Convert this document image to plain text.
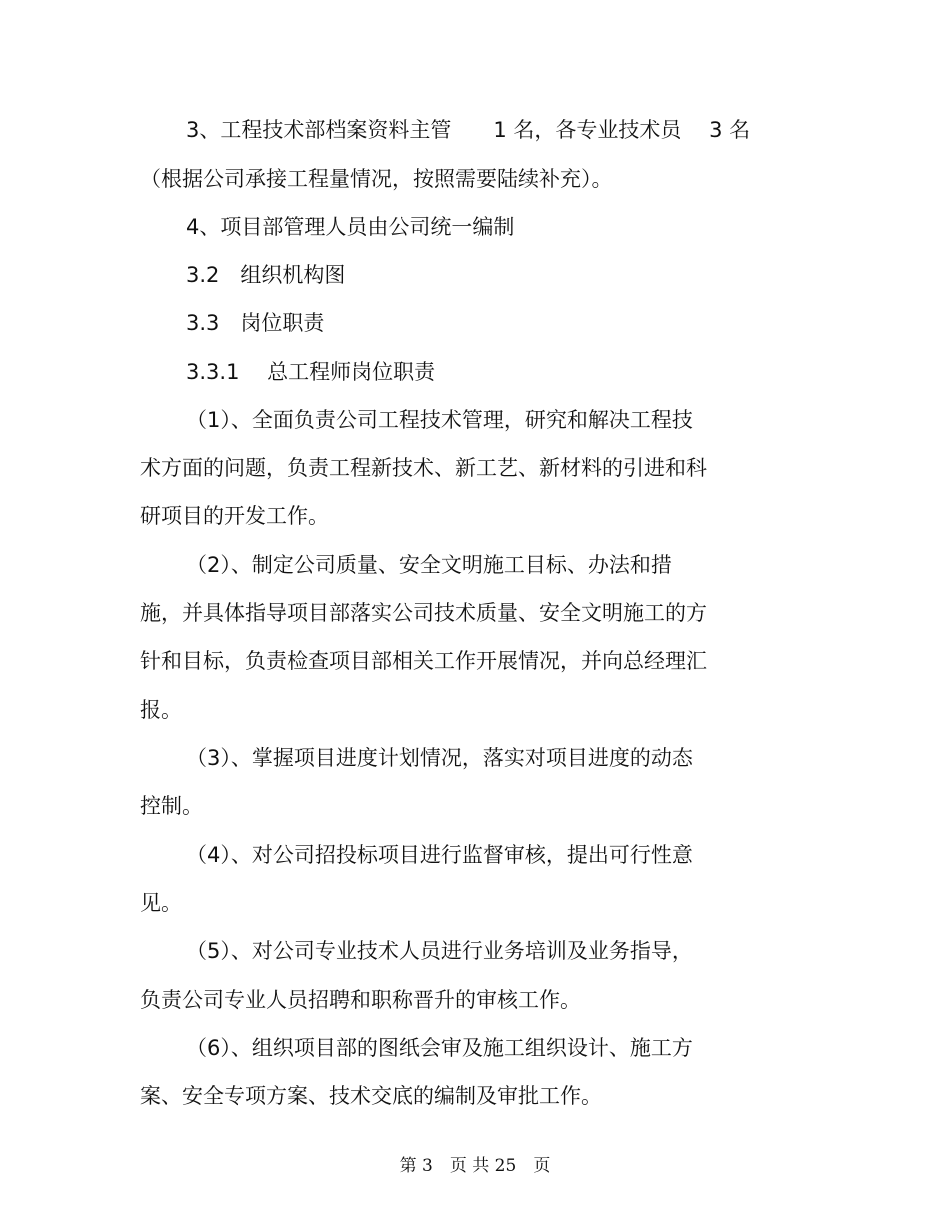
3、工程技术部档案资料主管　　1 名，各专业技术员　 3 名
（根据公司承接工程量情况，按照需要陆续补充）。
4、项目部管理人员由公司统一编制
3.2　组织机构图
3.3　岗位职责
3.3.1　 总工程师岗位职责
（1）、全面负责公司工程技术管理，研究和解决工程技
术方面的问题，负责工程新技术、新工艺、新材料的引进和科
研项目的开发工作。
（2）、制定公司质量、安全文明施工目标、办法和措
施，并具体指导项目部落实公司技术质量、安全文明施工的方
针和目标，负责检查项目部相关工作开展情况，并向总经理汇
报。
（3）、掌握项目进度计划情况，落实对项目进度的动态
控制。
（4）、对公司招投标项目进行监督审核，提出可行性意
见。
（5）、对公司专业技术人员进行业务培训及业务指导，
负责公司专业人员招聘和职称晋升的审核工作。
（6）、组织项目部的图纸会审及施工组织设计、施工方
案、安全专项方案、技术交底的编制及审批工作。
第 3　页 共 25　页
